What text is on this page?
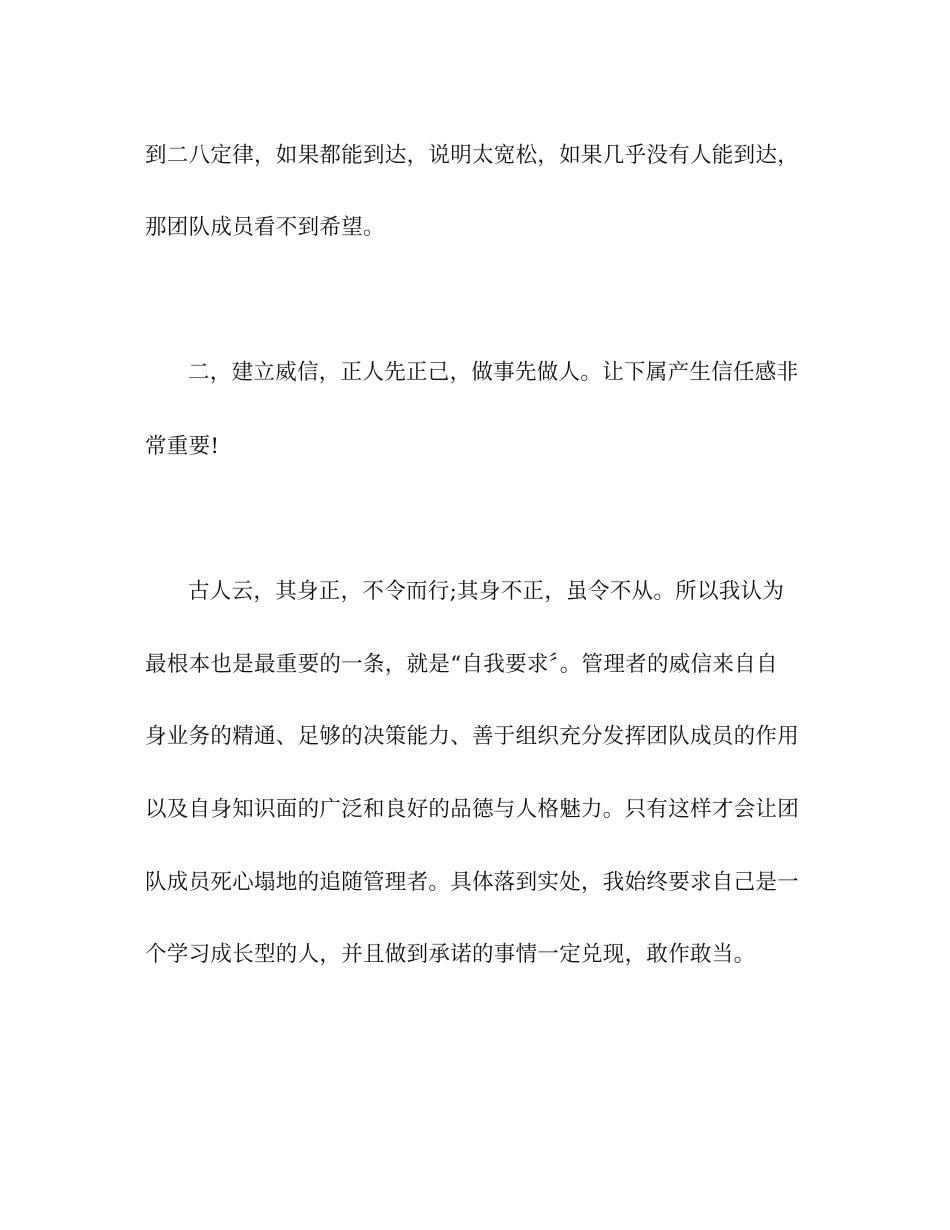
到二八定律，如果都能到达，说明太宽松，如果几乎没有人能到达，
那团队成员看不到希望。
二，建立威信，正人先正己，做事先做人。让下属产生信任感非
常重要!
古人云，其身正，不令而行;其身不正，虽令不从。所以我认为
最根本也是最重要的一条，就是“自我要求〞。管理者的威信来自自
身业务的精通、足够的决策能力、善于组织充分发挥团队成员的作用
以及自身知识面的广泛和良好的品德与人格魅力。只有这样才会让团
队成员死心塌地的追随管理者。具体落到实处，我始终要求自己是一
个学习成长型的人，并且做到承诺的事情一定兑现，敢作敢当。
